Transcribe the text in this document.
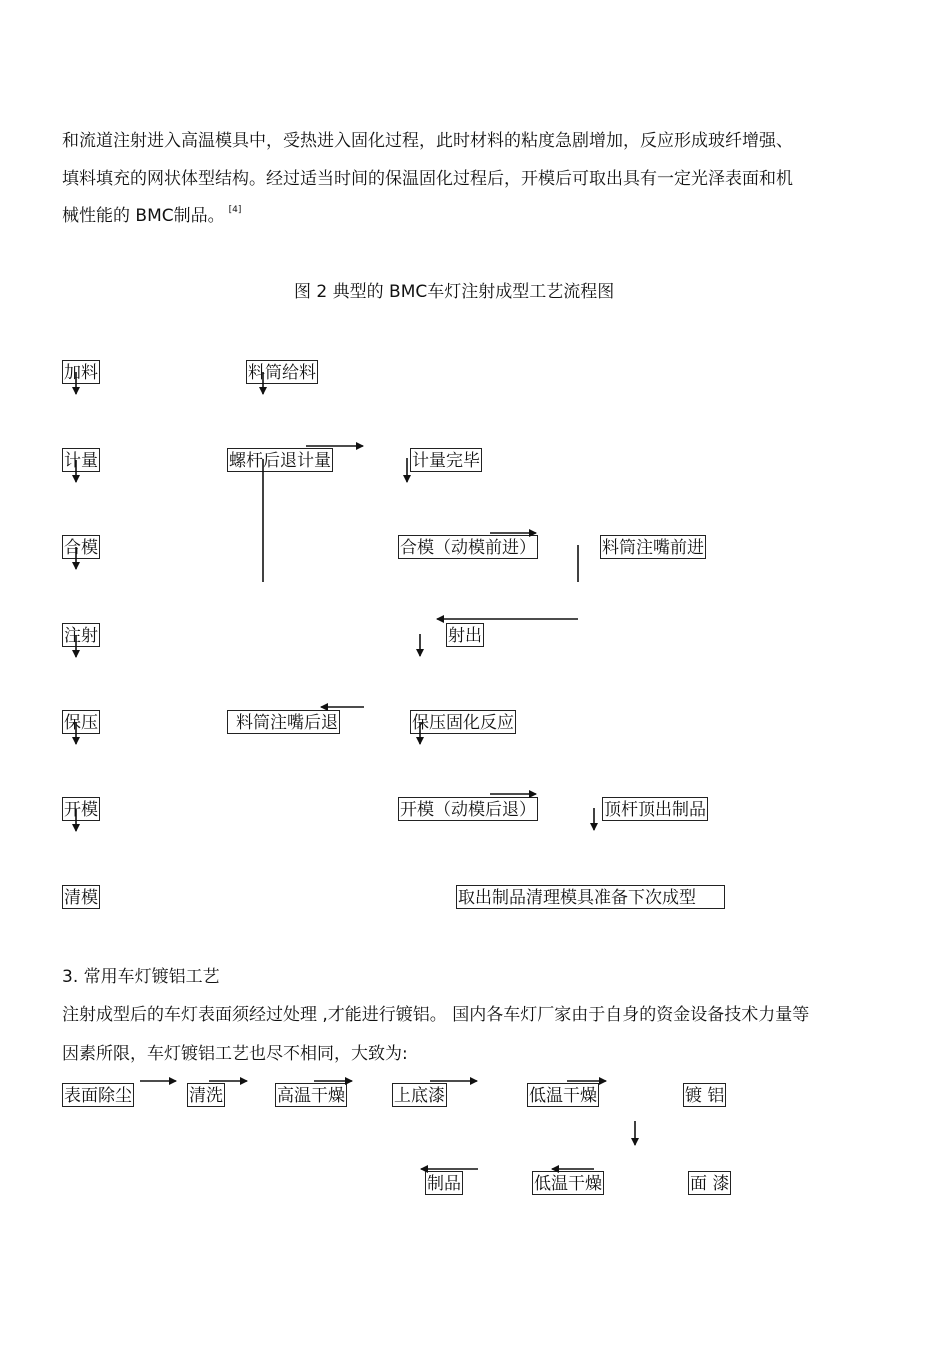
和流道注射进入高温模具中，受热进入固化过程，此时材料的粘度急剧增加，反应形成玻纤增强、
填料填充的网状体型结构。经过适当时间的保温固化过程后，开模后可取出具有一定光泽表面和机
械性能的 BMC制品。 [4]
图 2 典型的 BMC车灯注射成型工艺流程图
加料
计量
合模
注射
保压
开模
清模
料筒给料
螺杆后退计量	计量完毕
合模（动模前进）	料筒注嘴前进
射出
料筒注嘴后退	保压固化反应
开模（动模后退）	顶杆顶出制品
取出制品清理模具准备下次成型
3. 常用车灯镀铝工艺
注射成型后的车灯表面须经过处理 ,才能进行镀铝。 国内各车灯厂家由于自身的资金设备技术力量等
因素所限，车灯镀铝工艺也尽不相同，大致为:
表面除尘	清洗	高温干燥	上底漆	低温干燥	镀 铝
制品	低温干燥	面 漆
